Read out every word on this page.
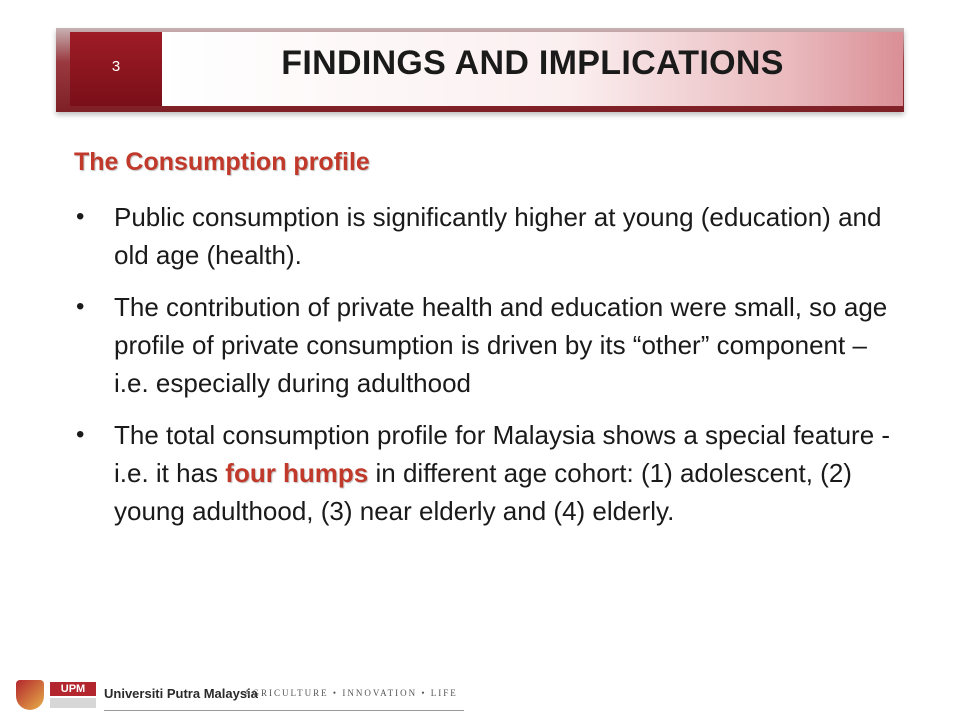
3	FINDINGS AND IMPLICATIONS
The Consumption profile
• Public consumption is significantly higher at young (education) and old age (health).
• The contribution of private health and education were small, so age profile of private consumption is driven by its “other” component – i.e. especially during adulthood
• The total consumption profile for Malaysia shows a special feature - i.e. it has four humps in different age cohort: (1) adolescent, (2) young adulthood, (3) near elderly and (4) elderly.
UPM	Universiti Putra Malaysia
AGRICULTURE • INNOVATION • LIFE
